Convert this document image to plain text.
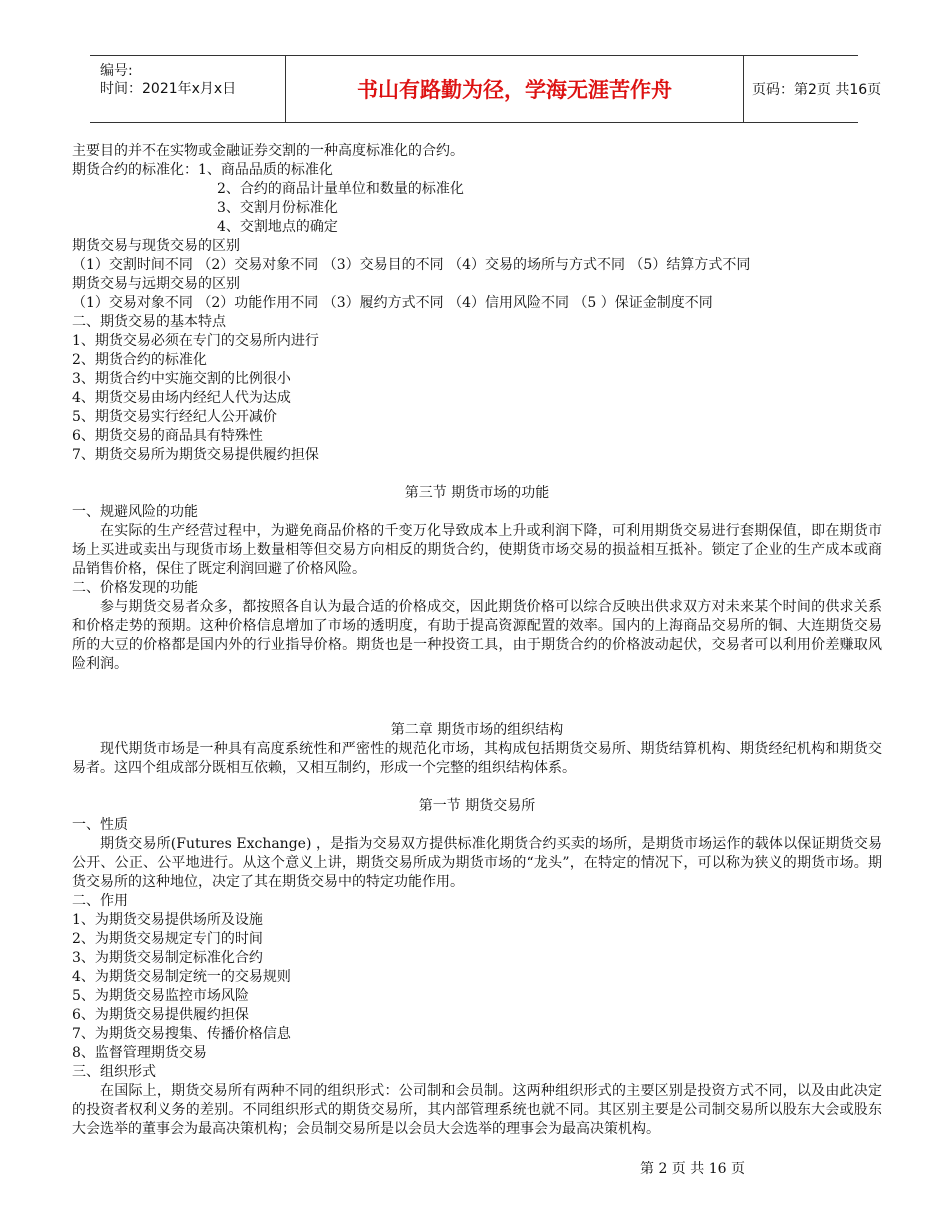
编号:
时间：2021年x月x日	书山有路勤为径，学海无涯苦作舟	页码：第2页 共16页
主要目的并不在实物或金融证券交割的一种高度标准化的合约。
期货合约的标准化：1、商品品质的标准化
2、合约的商品计量单位和数量的标准化
3、交割月份标准化
4、交割地点的确定
期货交易与现货交易的区别
（1）交割时间不同 （2）交易对象不同 （3）交易目的不同 （4）交易的场所与方式不同 （5）结算方式不同
期货交易与远期交易的区别
（1）交易对象不同 （2）功能作用不同 （3）履约方式不同 （4）信用风险不同 （5 ）保证金制度不同
二、期货交易的基本特点
1、期货交易必须在专门的交易所内进行
2、期货合约的标准化
3、期货合约中实施交割的比例很小
4、期货交易由场内经纪人代为达成
5、期货交易实行经纪人公开减价
6、期货交易的商品具有特殊性
7、期货交易所为期货交易提供履约担保
第三节 期货市场的功能
一、规避风险的功能

在实际的生产经营过程中，为避免商品价格的千变万化导致成本上升或利润下降，可利用期货交易进行套期保值，即在期货市场上买进或卖出与现货市场上数量相等但交易方向相反的期货合约，使期货市场交易的损益相互抵补。锁定了企业的生产成本或商品销售价格，保住了既定利润回避了价格风险。

二、价格发现的功能

参与期货交易者众多，都按照各自认为最合适的价格成交，因此期货价格可以综合反映出供求双方对未来某个时间的供求关系和价格走势的预期。这种价格信息增加了市场的透明度，有助于提高资源配置的效率。国内的上海商品交易所的铜、大连期货交易所的大豆的价格都是国内外的行业指导价格。期货也是一种投资工具，由于期货合约的价格波动起伏，交易者可以利用价差赚取风险利润。

第二章 期货市场的组织结构

现代期货市场是一种具有高度系统性和严密性的规范化市场，其构成包括期货交易所、期货结算机构、期货经纪机构和期货交易者。这四个组成部分既相互依赖，又相互制约，形成一个完整的组织结构体系。

第一节 期货交易所
一、性质

期货交易所(Futures Exchange) ，是指为交易双方提供标准化期货合约买卖的场所，是期货市场运作的载体以保证期货交易公开、公正、公平地进行。从这个意义上讲，期货交易所成为期货市场的“龙头”，在特定的情况下，可以称为狭义的期货市场。期货交易所的这种地位，决定了其在期货交易中的特定功能作用。

二、作用
1、为期货交易提供场所及设施
2、为期货交易规定专门的时间
3、为期货交易制定标准化合约
4、为期货交易制定统一的交易规则
5、为期货交易监控市场风险
6、为期货交易提供履约担保
7、为期货交易搜集、传播价格信息
8、监督管理期货交易
三、组织形式

在国际上，期货交易所有两种不同的组织形式：公司制和会员制。这两种组织形式的主要区别是投资方式不同，以及由此决定的投资者权利义务的差别。不同组织形式的期货交易所，其内部管理系统也就不同。其区别主要是公司制交易所以股东大会或股东大会选举的董事会为最高决策机构；会员制交易所是以会员大会选举的理事会为最高决策机构。

第 2 页 共 16 页
